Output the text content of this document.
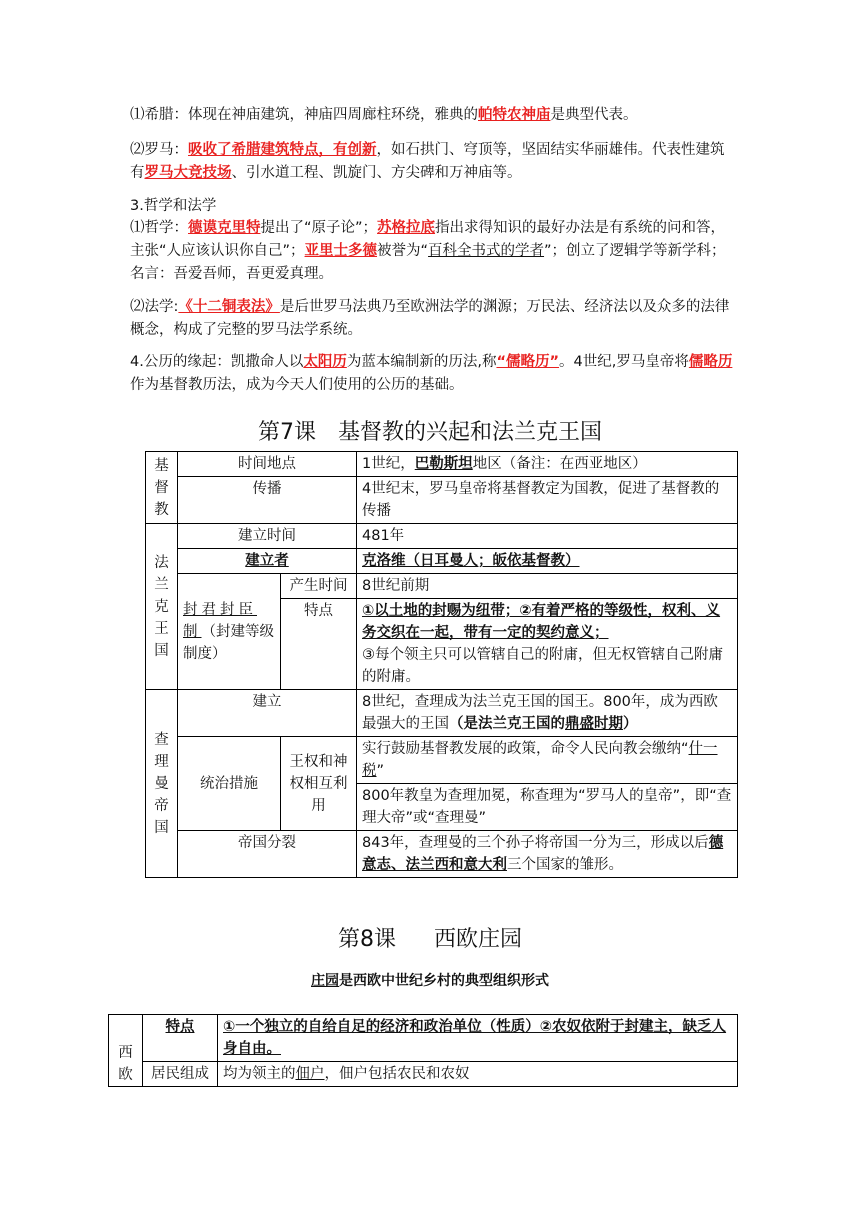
⑴希腊：体现在神庙建筑，神庙四周廊柱环绕，雅典的帕特农神庙是典型代表。

⑵罗马：吸收了希腊建筑特点，有创新，如石拱门、穹顶等，坚固结实华丽雄伟。代表性建筑有罗马大竞技场、引水道工程、凯旋门、方尖碑和万神庙等。

3.哲学和法学

⑴哲学：德谟克里特提出了“原子论”；苏格拉底指出求得知识的最好办法是有系统的问和答，主张“人应该认识你自己”；亚里士多德被誉为“百科全书式的学者”；创立了逻辑学等新学科；名言：吾爱吾师，吾更爱真理。

⑵法学:《十二铜表法》是后世罗马法典乃至欧洲法学的渊源；万民法、经济法以及众多的法律概念，构成了完整的罗马法学系统。

4.公历的缘起：凯撒命人以太阳历为蓝本编制新的历法,称“儒略历”。4世纪,罗马皇帝将儒略历作为基督教历法，成为今天人们使用的公历的基础。

第7课 基督教的兴起和法兰克王国
基督教	时间地点		1世纪，巴勒斯坦地区（备注：在西亚地区）
	传播		4世纪末，罗马皇帝将基督教定为国教，促进了基督教的传播
法兰克王国	建立时间		481年
	建立者		克洛维（日耳曼人；皈依基督教）
	封君封臣制（封建等级制度）	产生时间	8世纪前期
		特点	①以土地的封赐为纽带；②有着严格的等级性，权利、义务交织在一起，带有一定的契约意义；
③每个领主只可以管辖自己的附庸，但无权管辖自己附庸的附庸。
查理曼帝国	建立		8世纪，查理成为法兰克王国的国王。800年，成为西欧最强大的王国（是法兰克王国的鼎盛时期）
	统治措施	王权和神权相互利用	实行鼓励基督教发展的政策，命令人民向教会缴纳“什一税”
			800年教皇为查理加冕，称查理为“罗马人的皇帝”，即“查理大帝”或“查理曼”
	帝国分裂		843年，查理曼的三个孙子将帝国一分为三，形成以后德意志、法兰西和意大利三个国家的雏形。
第8课 西欧庄园

庄园是西欧中世纪乡村的典型组织形式

西欧	特点	①一个独立的自给自足的经济和政治单位（性质）②农奴依附于封建主，缺乏人身自由。
	居民组成	均为领主的佃户，佃户包括农民和农奴
